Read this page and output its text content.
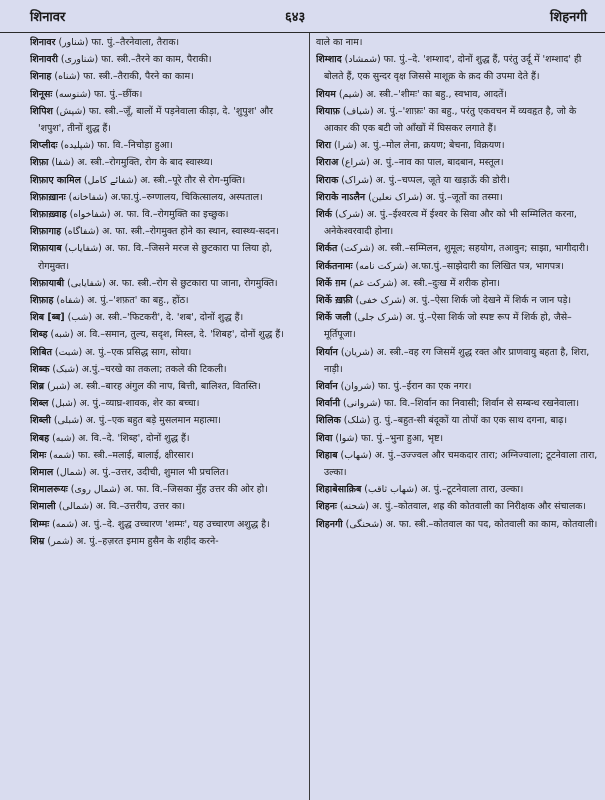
शिनावर	६४३	शिहनगी

शिनावर (شناور) फा. पुं.–तैरनेवाला, तैराक।

शिनावरी (شناوری) फा. स्त्री.–तैरने का काम, पैराकी।

शिनाह (شناه) फा. स्त्री.–तैराकी, पैरने का काम।

शिनूसः (شنوسه) फा. पुं.–छींक।

शिपिश (شپش) फा. स्त्री.–जूँ, बालों में पड़नेवाला कीड़ा, दे. 'शुपुश' और 'शपुश', तीनों शुद्ध हैं।

शिप्लीदः (شپلیده) फा. वि.–निचोड़ा हुआ।

शिफ़ा (شفا) अ. स्त्री.–रोगमुक्ति, रोग के बाद स्वास्थ्य।

शिफ़ाए कामिल (شفائے کامل) अ. स्त्री.–पूरे तौर से रोग-मुक्ति।

शिफ़ाख़ानः (شفاخانه) अ.फा.पुं.–रुग्णालय, चिकित्सालय, अस्पताल।

शिफ़ाख़्वाह (شفاخواه) अ. फा. वि.–रोगमुक्ति का इच्छुक।

शिफ़ागाह (شفاگاه) अ. फा. स्त्री.–रोगमुक्त होने का स्थान, स्वास्थ्य-सदन।

शिफ़ायाब (شفایاب) अ. फा. वि.–जिसने मरज से छुटकारा पा लिया हो, रोगमुक्त।

शिफ़ायाबी (شفایابی) अ. फा. स्त्री.–रोग से छुटकारा पा जाना, रोगमुक्ति।

शिफ़ाह (شفاه) अ. पुं.–'शफ़त' का बहु., होंठ।

शिब [ब्ब] (شب) अ. स्त्री.–'फिटकरी', दे. 'शब', दोनों शुद्ध हैं।

शिब्ह (شبه) अ. वि.–समान, तुल्य, सदृश, मिस्ल, दे. 'शिबह', दोनों शुद्ध हैं।

शिबित (شبت) अ. पुं.–एक प्रसिद्ध साग, सोया।

शिब्क (شبک) अ.पुं.–चरखे का तकला; तकले की टिकली।

शिब्र (شبر) अ. स्त्री.–बारह अंगुल की नाप, बित्ती, बालिश्त, वितस्ति।

शिब्ल (شبل) अ. पुं.–व्याघ्र-शावक, शेर का बच्चा।

शिब्ली (شبلی) अ. पुं.–एक बहुत बड़े मुसलमान महात्मा।

शिबह (شبه) अ. वि.–दे. 'शिब्ह', दोनों शुद्ध हैं।

शिमः (شمه) फा. स्त्री.–मलाई, बालाई, क्षीरसार।

शिमाल (شمال) अ. पुं.–उत्तर, उदीची, शुमाल भी प्रचलित।

शिमालरूयः (شمال روی) अ. फा. वि.–जिसका मुँह उत्तर की ओर हो।

शिमाली (شمالی) अ. वि.–उत्तरीय, उत्तर का।

शिम्मः (شمه) अ. पुं.–दे. शुद्ध उच्चारण 'शम्मः', यह उच्चारण अशुद्ध है।

शिम्र (شمر) अ. पुं.–हज़रत इमाम हुसैन के शहीद करने-

वाले का नाम।

शिम्शाद (شمشاد) फा. पुं.–दे. 'शम्शाद', दोनों शुद्ध हैं, परंतु उर्दू में 'शम्शाद' ही बोलते हैं, एक सुन्दर वृक्ष जिससे माशूक़ के क़द की उपमा देते हैं।

शियम (شیم) अ. स्त्री.–'शीमः' का बहु., स्वभाव, आदतें।

शियाफ़ (شیاف) अ. पुं.–'शाफ़ः' का बहु., परंतु एकवचन में व्यवहृत है, जो के आकार की एक बटी जो आँखों में घिसकर लगाते हैं।

शिरा (شرا) अ. पुं.–मोल लेना, क्रयण; बेचना, विक्रयण।

शिराअ (شراع) अ. पुं.–नाव का पाल, बादबान, मस्तूल।

शिराक (شراک) अ. पुं.–चप्पल, जूते या खड़ाऊँ की डोरी।

शिराके नाऽलैन (شراک نعلین) अ. पुं.–जूतों का तस्मा।

शिर्क (شرک) अ. पुं.–ईश्वरत्व में ईश्वर के सिवा और को भी सम्मिलित करना, अनेकेश्वरवादी होना।

शिर्कत (شرکت) अ. स्त्री.–सम्मिलन, शुमूल; सहयोग, तआवुन; साझा, भागीदारी।

शिर्कतनामः (شرکت نامه) अ.फा.पुं.–साझेदारी का लिखित पत्र, भागपत्र।

शिर्के ग़म (شرکت غم) अ. स्त्री.–दुःख में शरीक होना।

शिर्के ख़फ़ी (شرک خفی) अ. पुं.–ऐसा शिर्क जो देखने में शिर्क न जान पड़े।

शिर्के जली (شرک جلی) अ. पुं.–ऐसा शिर्क जो स्पष्ट रूप में शिर्क हो, जैसे–मूर्तिपूजा।

शिर्यान (شریان) अ. स्त्री.–वह रग जिसमें शुद्ध रक्त और प्राणवायु बहता है, शिरा, नाड़ी।

शिर्वान (شروان) फा. पुं.–ईरान का एक नगर।

शिर्वानी (شروانی) फा. वि.–शिर्वान का निवासी; शिर्वान से सम्बन्ध रखनेवाला।

शिलिक (شلک) तु. पुं.–बहुत-सी बंदूकों या तोपों का एक साथ दगना, बाढ़।

शिवा (شوا) फा. पुं.–भुना हुआ, भृष्ट।

शिहाब (شهاب) अ. पुं.–उज्ज्वल और चमकदार तारा; अग्निज्वाला; टूटनेवाला तारा, उल्का।

शिहाबेसाक़िब (شهاب ثاقب) अ. पुं.–टूटनेवाला तारा, उल्का।

शिहनः (شحنه) अ. पुं.–कोतवाल, शह्र की कोतवाली का निरीक्षक और संचालक।

शिहनगी (شحنگی) अ. फा. स्त्री.–कोतवाल का पद, कोतवाली का काम, कोतवाली।
